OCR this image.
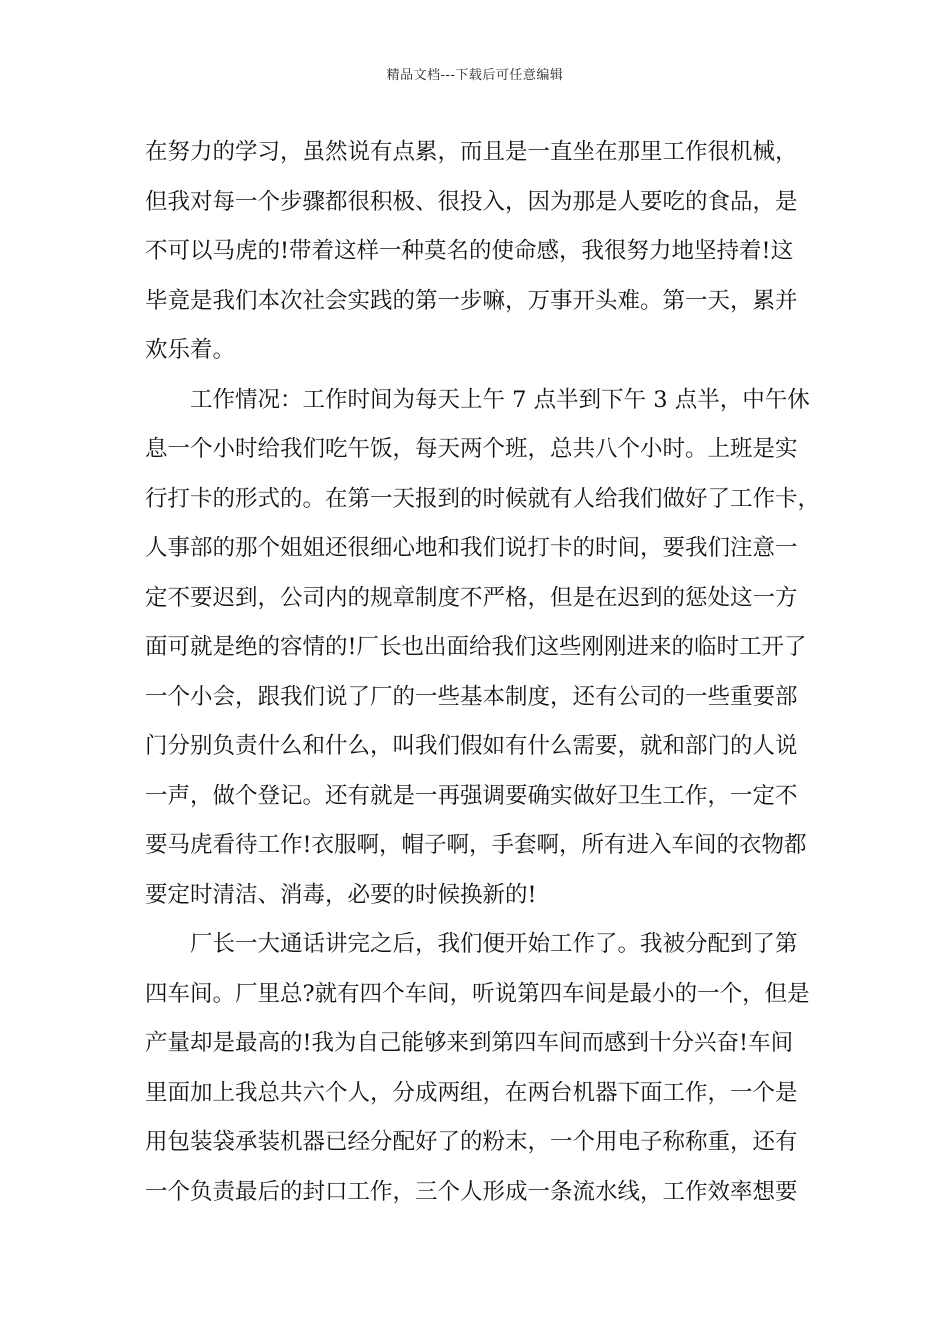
精品文档---下载后可任意编辑
在努力的学习，虽然说有点累，而且是一直坐在那里工作很机械，
但我对每一个步骤都很积极、很投入，因为那是人要吃的食品，是
不可以马虎的!带着这样一种莫名的使命感，我很努力地坚持着!这
毕竟是我们本次社会实践的第一步嘛，万事开头难。第一天，累并
欢乐着。
工作情况：工作时间为每天上午 7 点半到下午 3 点半，中午休
息一个小时给我们吃午饭，每天两个班，总共八个小时。上班是实
行打卡的形式的。在第一天报到的时候就有人给我们做好了工作卡，
人事部的那个姐姐还很细心地和我们说打卡的时间，要我们注意一
定不要迟到，公司内的规章制度不严格，但是在迟到的惩处这一方
面可就是绝的容情的!厂长也出面给我们这些刚刚进来的临时工开了
一个小会，跟我们说了厂的一些基本制度，还有公司的一些重要部
门分别负责什么和什么，叫我们假如有什么需要，就和部门的人说
一声，做个登记。还有就是一再强调要确实做好卫生工作，一定不
要马虎看待工作!衣服啊，帽子啊，手套啊，所有进入车间的衣物都
要定时清洁、消毒，必要的时候换新的!
厂长一大通话讲完之后，我们便开始工作了。我被分配到了第
四车间。厂里总?就有四个车间，听说第四车间是最小的一个，但是
产量却是最高的!我为自己能够来到第四车间而感到十分兴奋!车间
里面加上我总共六个人，分成两组，在两台机器下面工作，一个是
用包装袋承装机器已经分配好了的粉末，一个用电子称称重，还有
一个负责最后的封口工作，三个人形成一条流水线，工作效率想要
